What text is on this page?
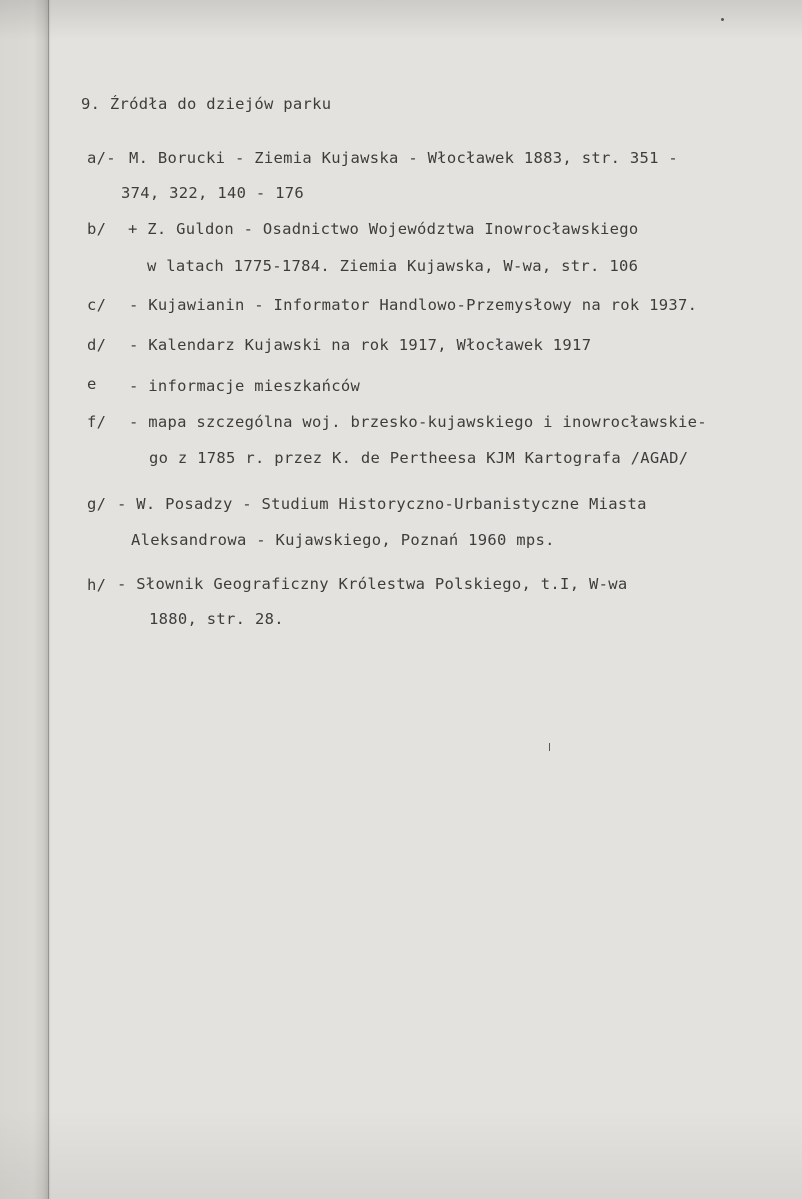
9. Źródła do dziejów parku
a/- M. Borucki - Ziemia Kujawska - Włocławek 1883, str. 351 -
374, 322, 140 - 176
b/ + Z. Guldon - Osadnictwo Województwa Inowrocławskiego
w latach 1775-1784. Ziemia Kujawska, W-wa, str. 106
c/ - Kujawianin - Informator Handlowo-Przemysłowy na rok 1937.
d/ - Kalendarz Kujawski na rok 1917, Włocławek 1917
e - informacje mieszkańców
f/ - mapa szczególna woj. brzesko-kujawskiego i inowrocławskie-
go z 1785 r. przez K. de Pertheesa KJM Kartografa /AGAD/
g/ - W. Posadzy - Studium Historyczno-Urbanistyczne Miasta
Aleksandrowa - Kujawskiego, Poznań 1960 mps.
h/ - Słownik Geograficzny Królestwa Polskiego, t.I, W-wa
1880, str. 28.
